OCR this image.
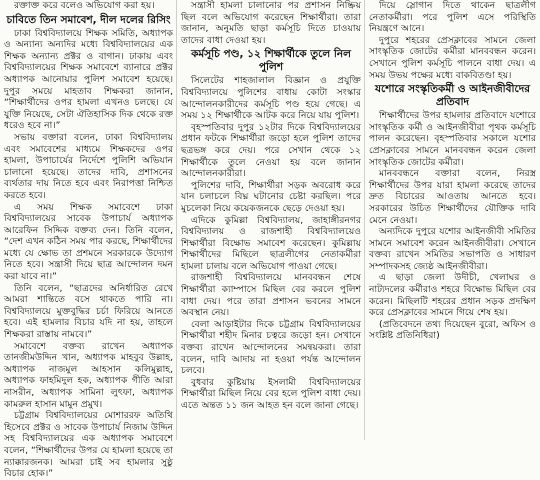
রক্তাক্ত করে বলেও অভিযোগ করা হয়।

চাবিতে তিন সমাবেশ, দীল দলের রিসিং

ঢাকা বিশ্ববিদ্যালয়ে শিক্ষক সমিতি, অধ্যাপক ও অন্যান্য অন্যদির মধ্যে বিশ্ববিদ্যালয়ের এক শিক্ষক অন্যান্য প্রক্টর ও বাগান। ঢাকায় এবং বিশ্ববিদ্যালয়ের শিক্ষক সমাবেশে ব্যানারে প্রক্টর অধ্যাপক আনোয়ার পুলিশ সমাবেশ হয়েছে। দুপুর সময়ে মাহতাব শিক্ষকরা জানান, “শিক্ষার্থীদের ওপর হামলা এখনও চলছে। যে যুক্তি নিয়েছে, সেটা ঐতিহাসিক দিক থেকে রক্ত ধরেও হবে না।”

সভায় বক্তারা বলেন, ঢাকা বিশ্ববিদ্যালয় এবং সমাবেশের মাধ্যমে শিক্ষকদের ওপর হামলা, উপাচার্যের নির্দেশে পুলিশি অভিযান চালানো হয়েছে। তাদের দাবি, প্রশাসনের ব্যর্থতার দায় নিতে হবে এবং নিরাপত্তা নিশ্চিত করতে হবে।

এ সময় শিক্ষক সমাবেশে ঢাকা বিশ্ববিদ্যালয়ের সাবেক উপাচার্য অধ্যাপক আরেফিন সিদ্দিক বক্তব্য দেন। তিনি বলেন, “দেশ এখন কঠিন সময় পার করছে, শিক্ষার্থীদের মধ্যে যে ক্ষোভ তা প্রশমনে সরকারকে উদ্যোগ নিতে হবে। সন্ত্রাসী দিয়ে ছাত্র আন্দোলন দমন করা যাবে না।”

তিনি বলেন, “ছাত্রদের অনির্ধারিত রেখে আমরা শান্তিতে বসে থাকতে পারি না। বিশ্ববিদ্যালয়ে মুক্তবুদ্ধির চর্চা ফিরিয়ে আনতে হবে। এই হামলার বিচার যদি না হয়, তাহলে শিক্ষকরা রাস্তায় নামবে।”

সমাবেশে বক্তব্য রাখেন অধ্যাপক তানজীমউদ্দিন খান, অধ্যাপক মাহবুব উল্লাহ, অধ্যাপক নাজমুল আহসান কলিমুল্লাহ, অধ্যাপক ফাহমিদুল হক, অধ্যাপক গীতি আরা নাসরীন, অধ্যাপক সামিনা লুৎফা, অধ্যাপক কামরুল হাসান মামুন প্রমুখ।

চট্টগ্রাম বিশ্ববিদ্যালয়ের মোশাররফ অতিথি হিসেবে প্রক্টর ও সাবেক উপাচার্য নিজাম উদ্দিন সহ বিশ্ববিদ্যালয়ের এক অধ্যাপক সমাবেশে বলেন, “শিক্ষার্থীদের উপর যে হামলা হয়েছে তা ন্যাক্কারজনক। আমরা চাই সব হামলার সুষ্ঠু বিচার হোক।”

সন্ত্রাসী হামলা চালানোর পর প্রশাসন নিষ্ক্রিয় ছিল বলে অভিযোগ করেছেন শিক্ষার্থীরা। তারা জানান, অনুমতি ছাড়া কর্মসূচি দিতে চাওয়ায় তাদের বাধা দেওয়া হয়।

কর্মসূচি পণ্ড, ১২ শিক্ষার্থীকে তুলে নিল পুলিশ

সিলেটের শাহজালাল বিজ্ঞান ও প্রযুক্তি বিশ্ববিদ্যালয়ে পুলিশের বাধায় কোটা সংস্কার আন্দোলনকারীদের কর্মসূচি পণ্ড হয়ে গেছে। এ সময় ১২ শিক্ষার্থীকে আটক করে নিয়ে যায় পুলিশ।

বৃহস্পতিবার দুপুর ১২টার দিকে বিশ্ববিদ্যালয়ের প্রধান ফটকে শিক্ষার্থীরা জড়ো হলে পুলিশ তাদের ছত্রভঙ্গ করে দেয়। পরে সেখান থেকে ১২ শিক্ষার্থীকে তুলে নেওয়া হয় বলে জানান আন্দোলনকারীরা।

পুলিশের দাবি, শিক্ষার্থীরা সড়ক অবরোধ করে যান চলাচলে বিঘ্ন ঘটানোর চেষ্টা করছিল। পরে মুচলেকা নিয়ে কয়েকজনকে ছেড়ে দেওয়া হয়।

এদিকে কুমিল্লা বিশ্ববিদ্যালয়, জাহাঙ্গীরনগর বিশ্ববিদ্যালয় ও রাজশাহী বিশ্ববিদ্যালয়েও শিক্ষার্থীরা বিক্ষোভ সমাবেশ করেছেন। কুমিল্লায় শিক্ষার্থীদের মিছিলে ছাত্রলীগের নেতাকর্মীরা হামলা চালায় বলে অভিযোগ পাওয়া গেছে।

রাজশাহী বিশ্ববিদ্যালয়ে মানববন্ধন শেষে শিক্ষার্থীরা ক্যাম্পাসে মিছিল বের করলে পুলিশ বাধা দেয়। পরে তারা প্রশাসন ভবনের সামনে অবস্থান নেয়।

বেলা আড়াইটার দিকে চট্টগ্রাম বিশ্ববিদ্যালয়ের শিক্ষার্থীরা শহীদ মিনার চত্বরে জড়ো হন। সেখানে বক্তব্য রাখেন আন্দোলনের সমন্বয়করা। তারা বলেন, দাবি আদায় না হওয়া পর্যন্ত আন্দোলন চলবে।

বুধবার কুষ্টিয়ায় ইসলামী বিশ্ববিদ্যালয়ের শিক্ষার্থীরা মিছিল নিয়ে বের হলে পুলিশ বাধা দেয়। এতে অন্তত ১১ জন আহত হন বলে জানা গেছে।

দিয়ে স্লোগান দিতে থাকেন ছাত্রলীগ নেতাকর্মীরা। পরে পুলিশ এসে পরিস্থিতি নিয়ন্ত্রণে আনে।

দুপুরে শহরের প্রেসক্লাবের সামনে জেলা সাংস্কৃতিক জোটের কর্মীরা মানববন্ধন করেন। সেখানে পুলিশ কর্মসূচি পালনে বাধা দেয়। এ সময় উভয় পক্ষের মধ্যে বাকবিতণ্ডা হয়।

যশোরে সংস্কৃতিকর্মী ও আইনজীবীদের প্রতিবাদ

শিক্ষার্থীদের উপর হামলার প্রতিবাদে যশোরে সাংস্কৃতিক কর্মী ও আইনজীবীরা পৃথক কর্মসূচি পালন করেছেন। বৃহস্পতিবার সকালে যশোর প্রেসক্লাবের সামনে মানববন্ধন করেন জেলা সাংস্কৃতিক জোটের কর্মীরা।

মানববন্ধনে বক্তারা বলেন, নিরস্ত্র শিক্ষার্থীদের উপর যারা হামলা করেছে তাদের দ্রুত বিচারের আওতায় আনতে হবে। সরকারের উচিত শিক্ষার্থীদের যৌক্তিক দাবি মেনে নেওয়া।

অন্যদিকে দুপুরে যশোর আইনজীবী সমিতির সামনে সমাবেশ করেন আইনজীবীরা। সেখানে বক্তব্য রাখেন সমিতির সভাপতি ও সাধারণ সম্পাদকসহ জ্যেষ্ঠ আইনজীবীরা।

এ ছাড়া জেলা উদীচী, খেলাঘর ও নাট্যদলের কর্মীরাও শহরে বিক্ষোভ মিছিল বের করেন। মিছিলটি শহরের প্রধান সড়ক প্রদক্ষিণ করে প্রেসক্লাবের সামনে গিয়ে শেষ হয়।

(প্রতিবেদনে তথ্য দিয়েছেন বুরো, অফিস ও সংশ্লিষ্ট প্রতিনিধিরা)
